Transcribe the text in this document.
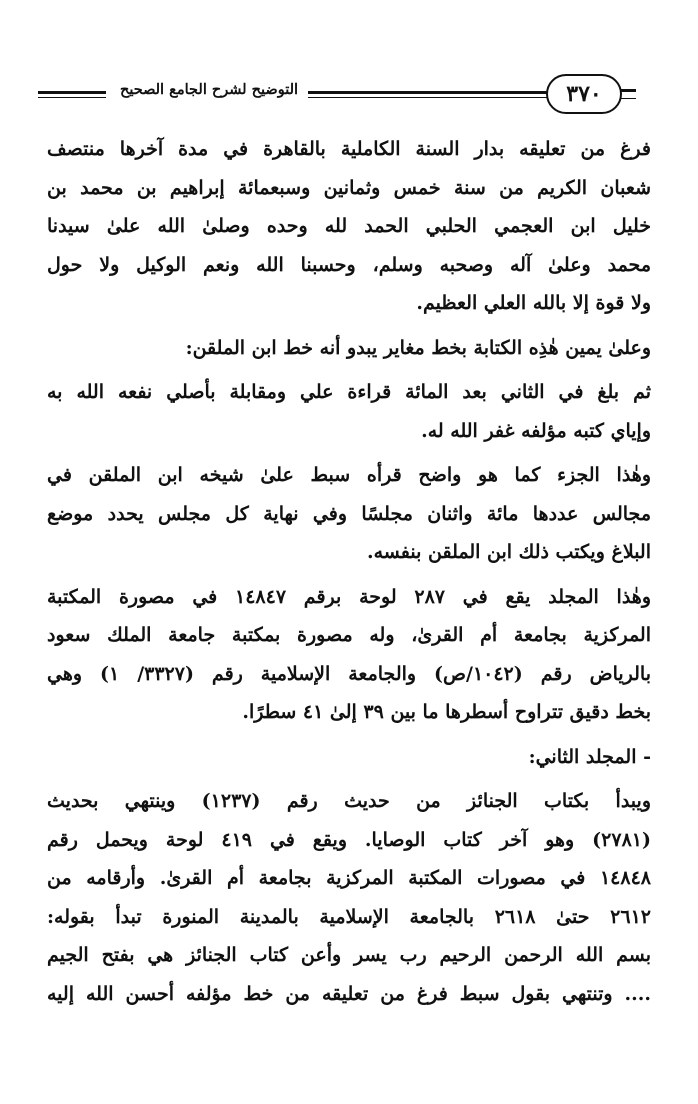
التوضيح لشرح الجامع الصحيح	٣٧٠
فرغ من تعليقه بدار السنة الكاملية بالقاهرة في مدة آخرها منتصف
شعبان الكريم من سنة خمس وثمانين وسبعمائة إبراهيم بن محمد بن
خليل ابن العجمي الحلبي الحمد لله وحده وصلىٰ الله علىٰ سيدنا
محمد وعلىٰ آله وصحبه وسلم، وحسبنا الله ونعم الوكيل ولا حول
ولا قوة إلا بالله العلي العظيم.
وعلىٰ يمين هٰذِه الكتابة بخط مغاير يبدو أنه خط ابن الملقن:
ثم بلغ في الثاني بعد المائة قراءة علي ومقابلة بأصلي نفعه الله به
وإياي كتبه مؤلفه غفر الله له.
وهٰذا الجزء كما هو واضح قرأه سبط علىٰ شيخه ابن الملقن في
مجالس عددها مائة واثنان مجلسًا وفي نهاية كل مجلس يحدد موضع
البلاغ ويكتب ذلك ابن الملقن بنفسه.
وهٰذا المجلد يقع في ٢٨٧ لوحة برقم ١٤٨٤٧ في مصورة المكتبة
المركزية بجامعة أم القرىٰ، وله مصورة بمكتبة جامعة الملك سعود
بالرياض رقم (١٠٤٢/ص) والجامعة الإسلامية رقم (٣٣٢٧/ ١) وهي
بخط دقيق تتراوح أسطرها ما بين ٣٩ إلىٰ ٤١ سطرًا.
- المجلد الثاني:
ويبدأ بكتاب الجنائز من حديث رقم (١٢٣٧) وينتهي بحديث
(٢٧٨١) وهو آخر كتاب الوصايا. ويقع في ٤١٩ لوحة ويحمل رقم
١٤٨٤٨ في مصورات المكتبة المركزية بجامعة أم القرىٰ. وأرقامه من
٢٦١٢ حتىٰ ٢٦١٨ بالجامعة الإسلامية بالمدينة المنورة تبدأ بقوله:
بسم الله الرحمن الرحيم رب يسر وأعن كتاب الجنائز هي بفتح الجيم
.... وتنتهي بقول سبط فرغ من تعليقه من خط مؤلفه أحسن الله إليه
